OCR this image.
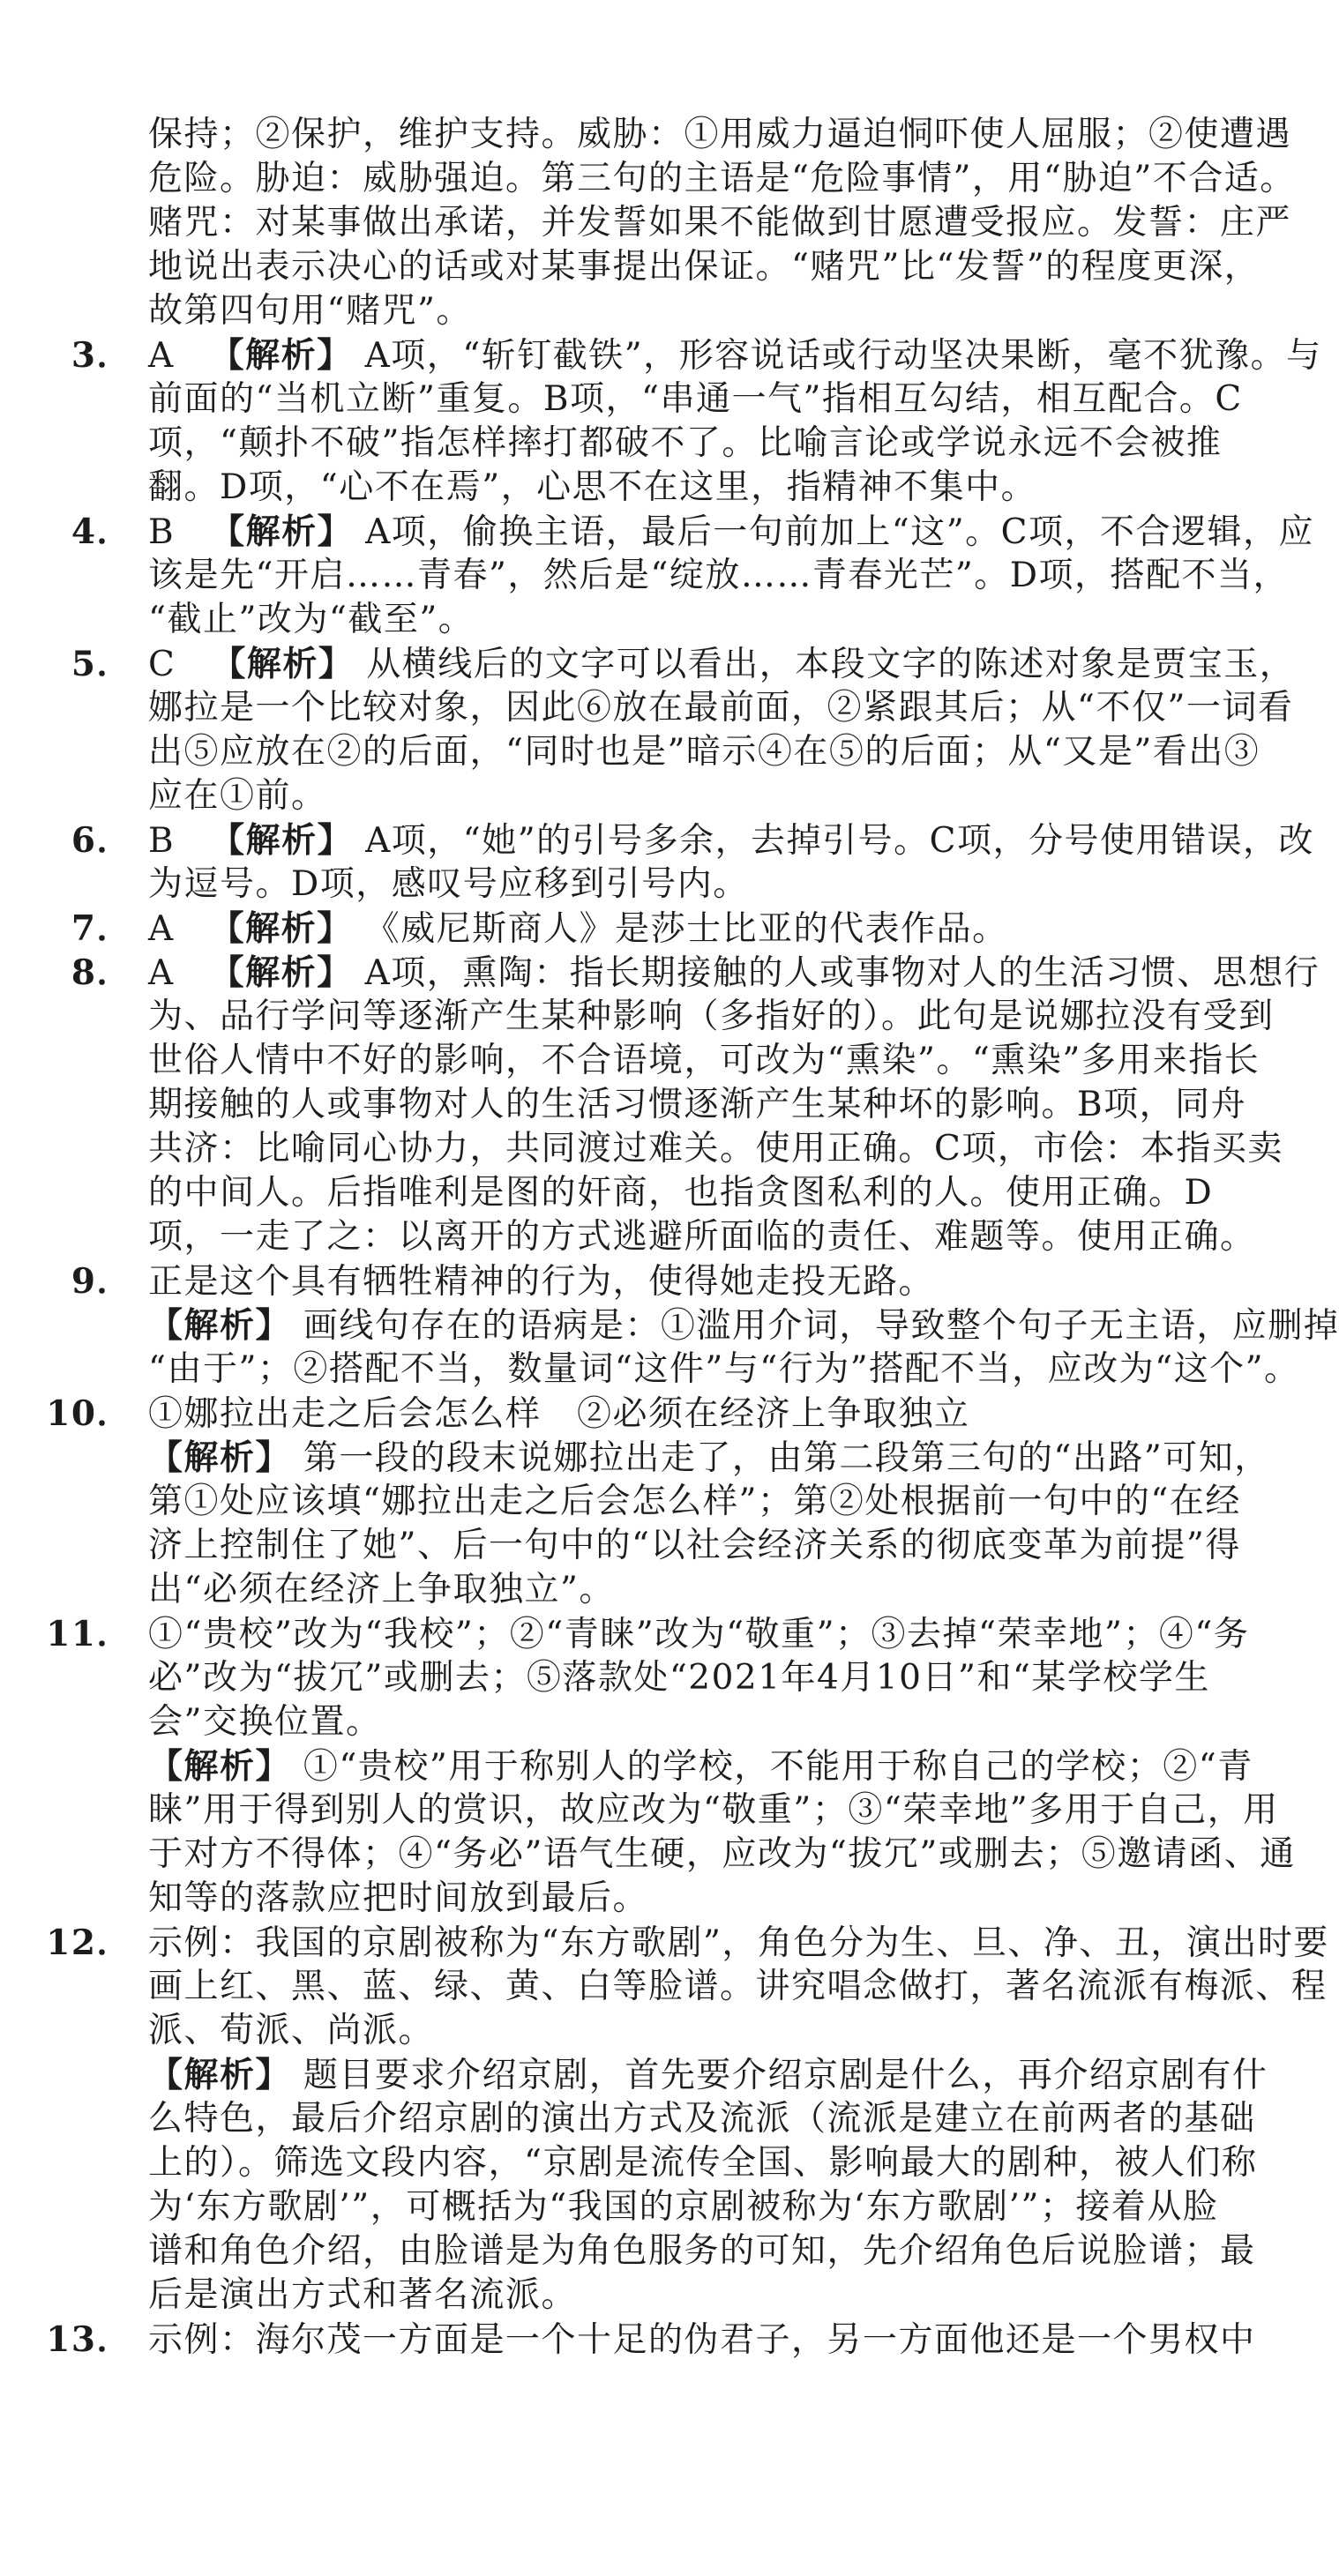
保持；②保护，维护支持。威胁：①用威力逼迫恫吓使人屈服；②使遭遇
危险。胁迫：威胁强迫。第三句的主语是“危险事情”，用“胁迫”不合适。
赌咒：对某事做出承诺，并发誓如果不能做到甘愿遭受报应。发誓：庄严
地说出表示决心的话或对某事提出保证。“赌咒”比“发誓”的程度更深，
故第四句用“赌咒”。
3． A 【解析】 A项，“斩钉截铁”，形容说话或行动坚决果断，毫不犹豫。与
前面的“当机立断”重复。B项，“串通一气”指相互勾结，相互配合。C
项，“颠扑不破”指怎样摔打都破不了。比喻言论或学说永远不会被推
翻。D项，“心不在焉”，心思不在这里，指精神不集中。
4． B 【解析】 A项，偷换主语，最后一句前加上“这”。C项，不合逻辑，应
该是先“开启……青春”，然后是“绽放……青春光芒”。D项，搭配不当，
“截止”改为“截至”。
5． C 【解析】 从横线后的文字可以看出，本段文字的陈述对象是贾宝玉，
娜拉是一个比较对象，因此⑥放在最前面，②紧跟其后；从“不仅”一词看
出⑤应放在②的后面，“同时也是”暗示④在⑤的后面；从“又是”看出③
应在①前。
6． B 【解析】 A项，“她”的引号多余，去掉引号。C项，分号使用错误，改
为逗号。D项，感叹号应移到引号内。
7． A 【解析】 《威尼斯商人》是莎士比亚的代表作品。
8． A 【解析】 A项，熏陶：指长期接触的人或事物对人的生活习惯、思想行
为、品行学问等逐渐产生某种影响（多指好的）。此句是说娜拉没有受到
世俗人情中不好的影响，不合语境，可改为“熏染”。“熏染”多用来指长
期接触的人或事物对人的生活习惯逐渐产生某种坏的影响。B项，同舟
共济：比喻同心协力，共同渡过难关。使用正确。C项，市侩：本指买卖
的中间人。后指唯利是图的奸商，也指贪图私利的人。使用正确。D
项，一走了之：以离开的方式逃避所面临的责任、难题等。使用正确。
9． 正是这个具有牺牲精神的行为，使得她走投无路。
【解析】 画线句存在的语病是：①滥用介词，导致整个句子无主语，应删掉
“由于”；②搭配不当，数量词“这件”与“行为”搭配不当，应改为“这个”。
10． ①娜拉出走之后会怎么样　②必须在经济上争取独立
【解析】 第一段的段末说娜拉出走了，由第二段第三句的“出路”可知，
第①处应该填“娜拉出走之后会怎么样”；第②处根据前一句中的“在经
济上控制住了她”、后一句中的“以社会经济关系的彻底变革为前提”得
出“必须在经济上争取独立”。
11． ①“贵校”改为“我校”；②“青睐”改为“敬重”；③去掉“荣幸地”；④“务
必”改为“拔冗”或删去；⑤落款处“2021年4月10日”和“某学校学生
会”交换位置。
【解析】 ①“贵校”用于称别人的学校，不能用于称自己的学校；②“青
睐”用于得到别人的赏识，故应改为“敬重”；③“荣幸地”多用于自己，用
于对方不得体；④“务必”语气生硬，应改为“拔冗”或删去；⑤邀请函、通
知等的落款应把时间放到最后。
12． 示例：我国的京剧被称为“东方歌剧”，角色分为生、旦、净、丑，演出时要
画上红、黑、蓝、绿、黄、白等脸谱。讲究唱念做打，著名流派有梅派、程
派、荀派、尚派。
【解析】 题目要求介绍京剧，首先要介绍京剧是什么，再介绍京剧有什
么特色，最后介绍京剧的演出方式及流派（流派是建立在前两者的基础
上的）。筛选文段内容，“京剧是流传全国、影响最大的剧种，被人们称
为‘东方歌剧’”，可概括为“我国的京剧被称为‘东方歌剧’”；接着从脸
谱和角色介绍，由脸谱是为角色服务的可知，先介绍角色后说脸谱；最
后是演出方式和著名流派。
13． 示例：海尔茂一方面是一个十足的伪君子，另一方面他还是一个男权中
